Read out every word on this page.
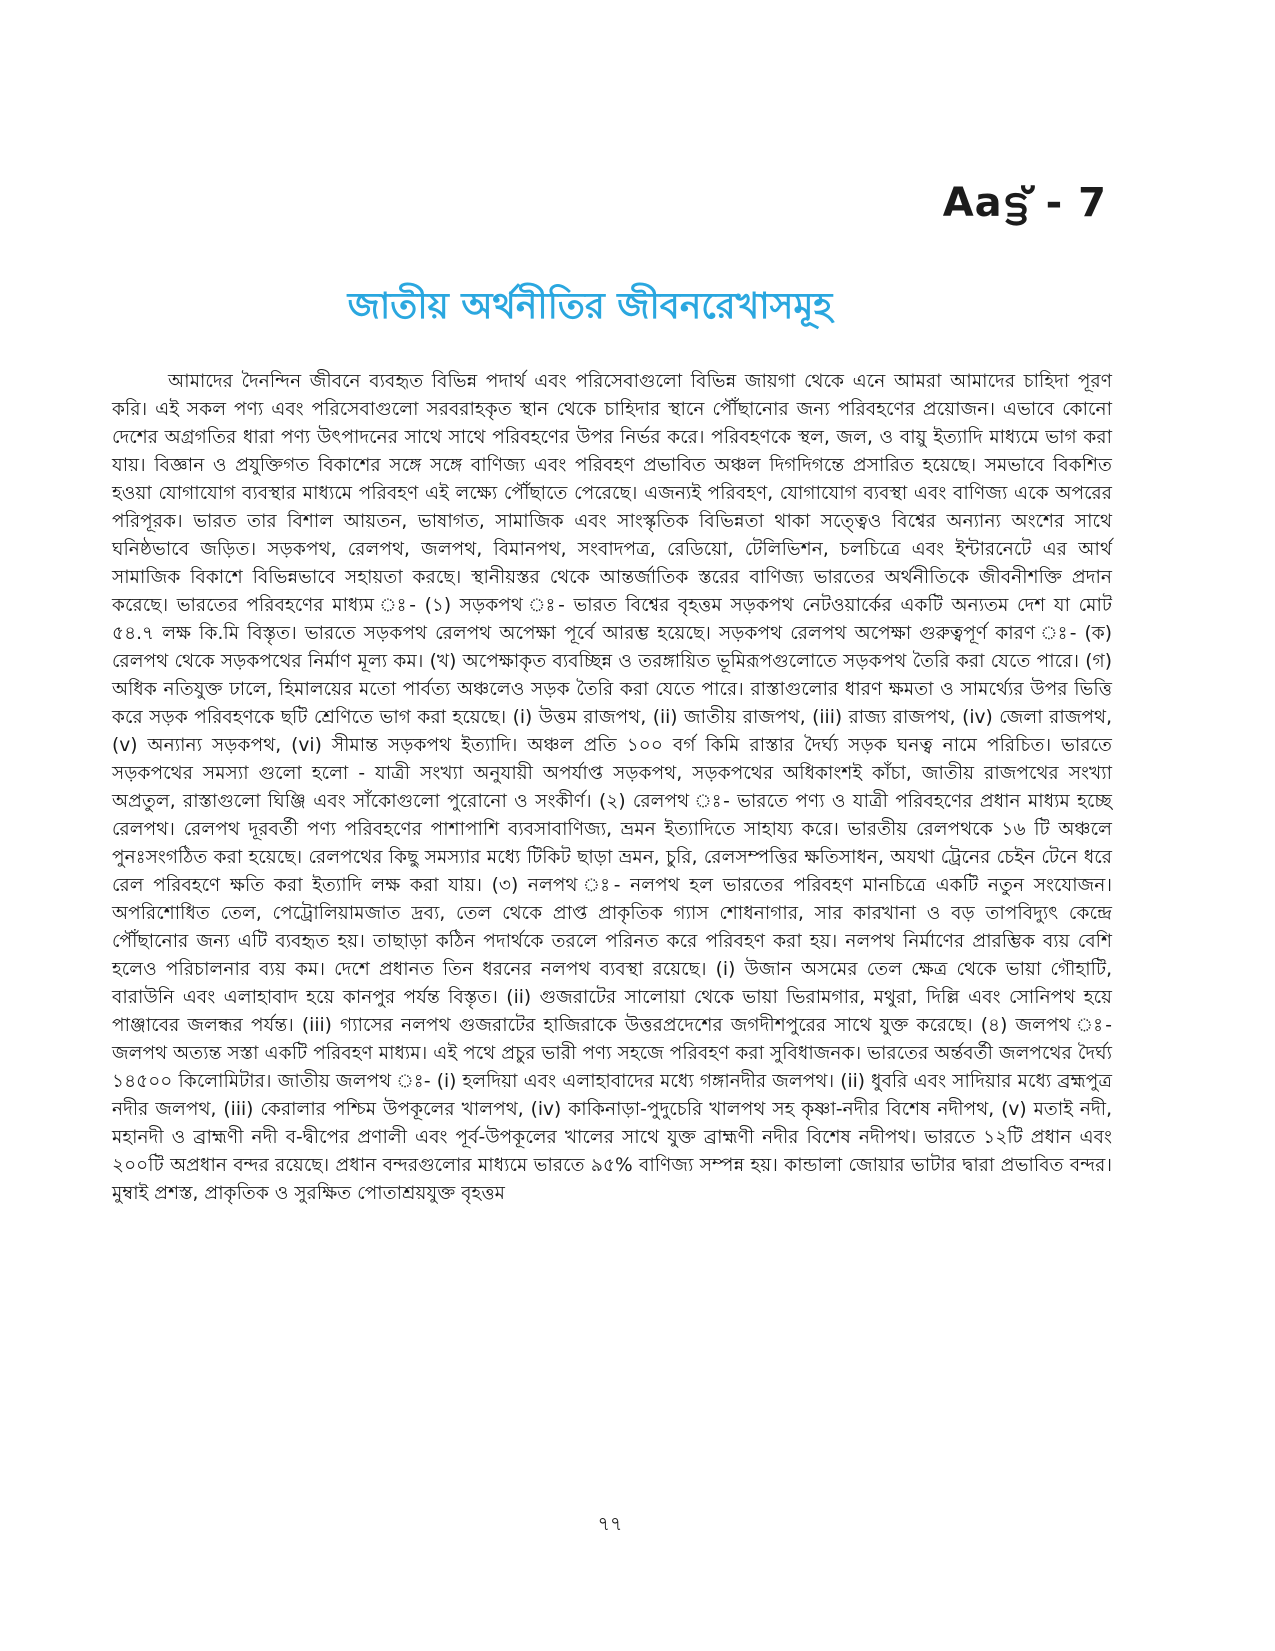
Aaട്ട് - 7
জাতীয় অর্থনীতির জীবনরেখাসমূহ

আমাদের দৈনন্দিন জীবনে ব্যবহৃত বিভিন্ন পদার্থ এবং পরিসেবাগুলো বিভিন্ন জায়গা থেকে এনে আমরা আমাদের চাহিদা পূরণ করি। এই সকল পণ্য এবং পরিসেবাগুলো সরবরাহকৃত স্থান থেকে চাহিদার স্থানে পৌঁছানোর জন্য পরিবহণের প্রয়োজন। এভাবে কোনো দেশের অগ্রগতির ধারা পণ্য উৎপাদনের সাথে সাথে পরিবহণের উপর নির্ভর করে। পরিবহণকে স্থল, জল, ও বায়ু ইত্যাদি মাধ্যমে ভাগ করা যায়। বিজ্ঞান ও প্রযুক্তিগত বিকাশের সঙ্গে সঙ্গে বাণিজ্য এবং পরিবহণ প্রভাবিত অঞ্চল দিগদিগন্তে প্রসারিত হয়েছে। সমভাবে বিকশিত হওয়া যোগাযোগ ব্যবস্থার মাধ্যমে পরিবহণ এই লক্ষ্যে পৌঁছাতে পেরেছে। এজন্যই পরিবহণ, যোগাযোগ ব্যবস্থা এবং বাণিজ্য একে অপরের পরিপূরক। ভারত তার বিশাল আয়তন, ভাষাগত, সামাজিক এবং সাংস্কৃতিক বিভিন্নতা থাকা সত্ত্বেও বিশ্বের অন্যান্য অংশের সাথে ঘনিষ্ঠভাবে জড়িত। সড়কপথ, রেলপথ, জলপথ, বিমানপথ, সংবাদপত্র, রেডিয়ো, টেলিভিশন, চলচিত্রে এবং ইন্টারনেটে এর আর্থ সামাজিক বিকাশে বিভিন্নভাবে সহায়তা করছে। স্থানীয়স্তর থেকে আন্তর্জাতিক স্তরের বাণিজ্য ভারতের অর্থনীতিকে জীবনীশক্তি প্রদান করেছে। ভারতের পরিবহণের মাধ্যম ঃ- (১) সড়কপথ ঃ- ভারত বিশ্বের বৃহত্তম সড়কপথ নেটওয়ার্কের একটি অন্যতম দেশ যা মোট ৫৪.৭ লক্ষ কি.মি বিস্তৃত। ভারতে সড়কপথ রেলপথ অপেক্ষা পূর্বে আরম্ভ হয়েছে। সড়কপথ রেলপথ অপেক্ষা গুরুত্বপূর্ণ কারণ ঃ- (ক) রেলপথ থেকে সড়কপথের নির্মাণ মূল্য কম। (খ) অপেক্ষাকৃত ব্যবচ্ছিন্ন ও তরঙ্গায়িত ভূমিরূপগুলোতে সড়কপথ তৈরি করা যেতে পারে। (গ) অধিক নতিযুক্ত ঢালে, হিমালয়ের মতো পার্বত্য অঞ্চলেও সড়ক তৈরি করা যেতে পারে। রাস্তাগুলোর ধারণ ক্ষমতা ও সামর্থ্যের উপর ভিত্তি করে সড়ক পরিবহণকে ছটি শ্রেণিতে ভাগ করা হয়েছে। (i) উত্তম রাজপথ, (ii) জাতীয় রাজপথ, (iii) রাজ্য রাজপথ, (iv) জেলা রাজপথ, (v) অন্যান্য সড়কপথ, (vi) সীমান্ত সড়কপথ ইত্যাদি। অঞ্চল প্রতি ১০০ বর্গ কিমি রাস্তার দৈর্ঘ্য সড়ক ঘনত্ব নামে পরিচিত। ভারতে সড়কপথের সমস্যা গুলো হলো - যাত্রী সংখ্যা অনুযায়ী অপর্যাপ্ত সড়কপথ, সড়কপথের অধিকাংশই কাঁচা, জাতীয় রাজপথের সংখ্যা অপ্রতুল, রাস্তাগুলো ঘিঞ্জি এবং সাঁকোগুলো পুরোনো ও সংকীর্ণ। (২) রেলপথ ঃ- ভারতে পণ্য ও যাত্রী পরিবহণের প্রধান মাধ্যম হচ্ছে রেলপথ। রেলপথ দূরবর্তী পণ্য পরিবহণের পাশাপাশি ব্যবসাবাণিজ্য, ভ্রমন ইত্যাদিতে সাহায্য করে। ভারতীয় রেলপথকে ১৬ টি অঞ্চলে পুনঃসংগঠিত করা হয়েছে। রেলপথের কিছু সমস্যার মধ্যে টিকিট ছাড়া ভ্রমন, চুরি, রেলসম্পত্তির ক্ষতিসাধন, অযথা ট্রেনের চেইন টেনে ধরে রেল পরিবহণে ক্ষতি করা ইত্যাদি লক্ষ করা যায়। (৩) নলপথ ঃ- নলপথ হল ভারতের পরিবহণ মানচিত্রে একটি নতুন সংযোজন। অপরিশোধিত তেল, পেট্রোলিয়ামজাত দ্রব্য, তেল থেকে প্রাপ্ত প্রাকৃতিক গ্যাস শোধনাগার, সার কারখানা ও বড় তাপবিদ্যুৎ কেন্দ্রে পৌঁছানোর জন্য এটি ব্যবহৃত হয়। তাছাড়া কঠিন পদার্থকে তরলে পরিনত করে পরিবহণ করা হয়। নলপথ নির্মাণের প্রারম্ভিক ব্যয় বেশি হলেও পরিচালনার ব্যয় কম। দেশে প্রধানত তিন ধরনের নলপথ ব্যবস্থা রয়েছে। (i) উজান অসমের তেল ক্ষেত্র থেকে ভায়া গৌহাটি, বারাউনি এবং এলাহাবাদ হয়ে কানপুর পর্যন্ত বিস্তৃত। (ii) গুজরাটের সালোয়া থেকে ভায়া ভিরামগার, মথুরা, দিল্লি এবং সোনিপথ হয়ে পাঞ্জাবের জলন্ধর পর্যন্ত। (iii) গ্যাসের নলপথ গুজরাটের হাজিরাকে উত্তরপ্রদেশের জগদীশপুরের সাথে যুক্ত করেছে। (৪) জলপথ ঃ- জলপথ অত্যন্ত সস্তা একটি পরিবহণ মাধ্যম। এই পথে প্রচুর ভারী পণ্য সহজে পরিবহণ করা সুবিধাজনক। ভারতের অর্ন্তবর্তী জলপথের দৈর্ঘ্য ১৪৫০০ কিলোমিটার। জাতীয় জলপথ ঃ- (i) হলদিয়া এবং এলাহাবাদের মধ্যে গঙ্গানদীর জলপথ। (ii) ধুবরি এবং সাদিয়ার মধ্যে ব্রহ্মপুত্র নদীর জলপথ, (iii) কেরালার পশ্চিম উপকূলের খালপথ, (iv) কাকিনাড়া-পুদুচেরি খালপথ সহ কৃষ্ণা-নদীর বিশেষ নদীপথ, (v) মতাই নদী, মহানদী ও ব্রাহ্মণী নদী ব-দ্বীপের প্রণালী এবং পূর্ব-উপকূলের খালের সাথে যুক্ত ব্রাহ্মণী নদীর বিশেষ নদীপথ। ভারতে ১২টি প্রধান এবং ২০০টি অপ্রধান বন্দর রয়েছে। প্রধান বন্দরগুলোর মাধ্যমে ভারতে ৯৫% বাণিজ্য সম্পন্ন হয়। কান্ডালা জোয়ার ভাটার দ্বারা প্রভাবিত বন্দর। মুম্বাই প্রশস্ত, প্রাকৃতিক ও সুরক্ষিত পোতাশ্রয়যুক্ত বৃহত্তম

৭৭
